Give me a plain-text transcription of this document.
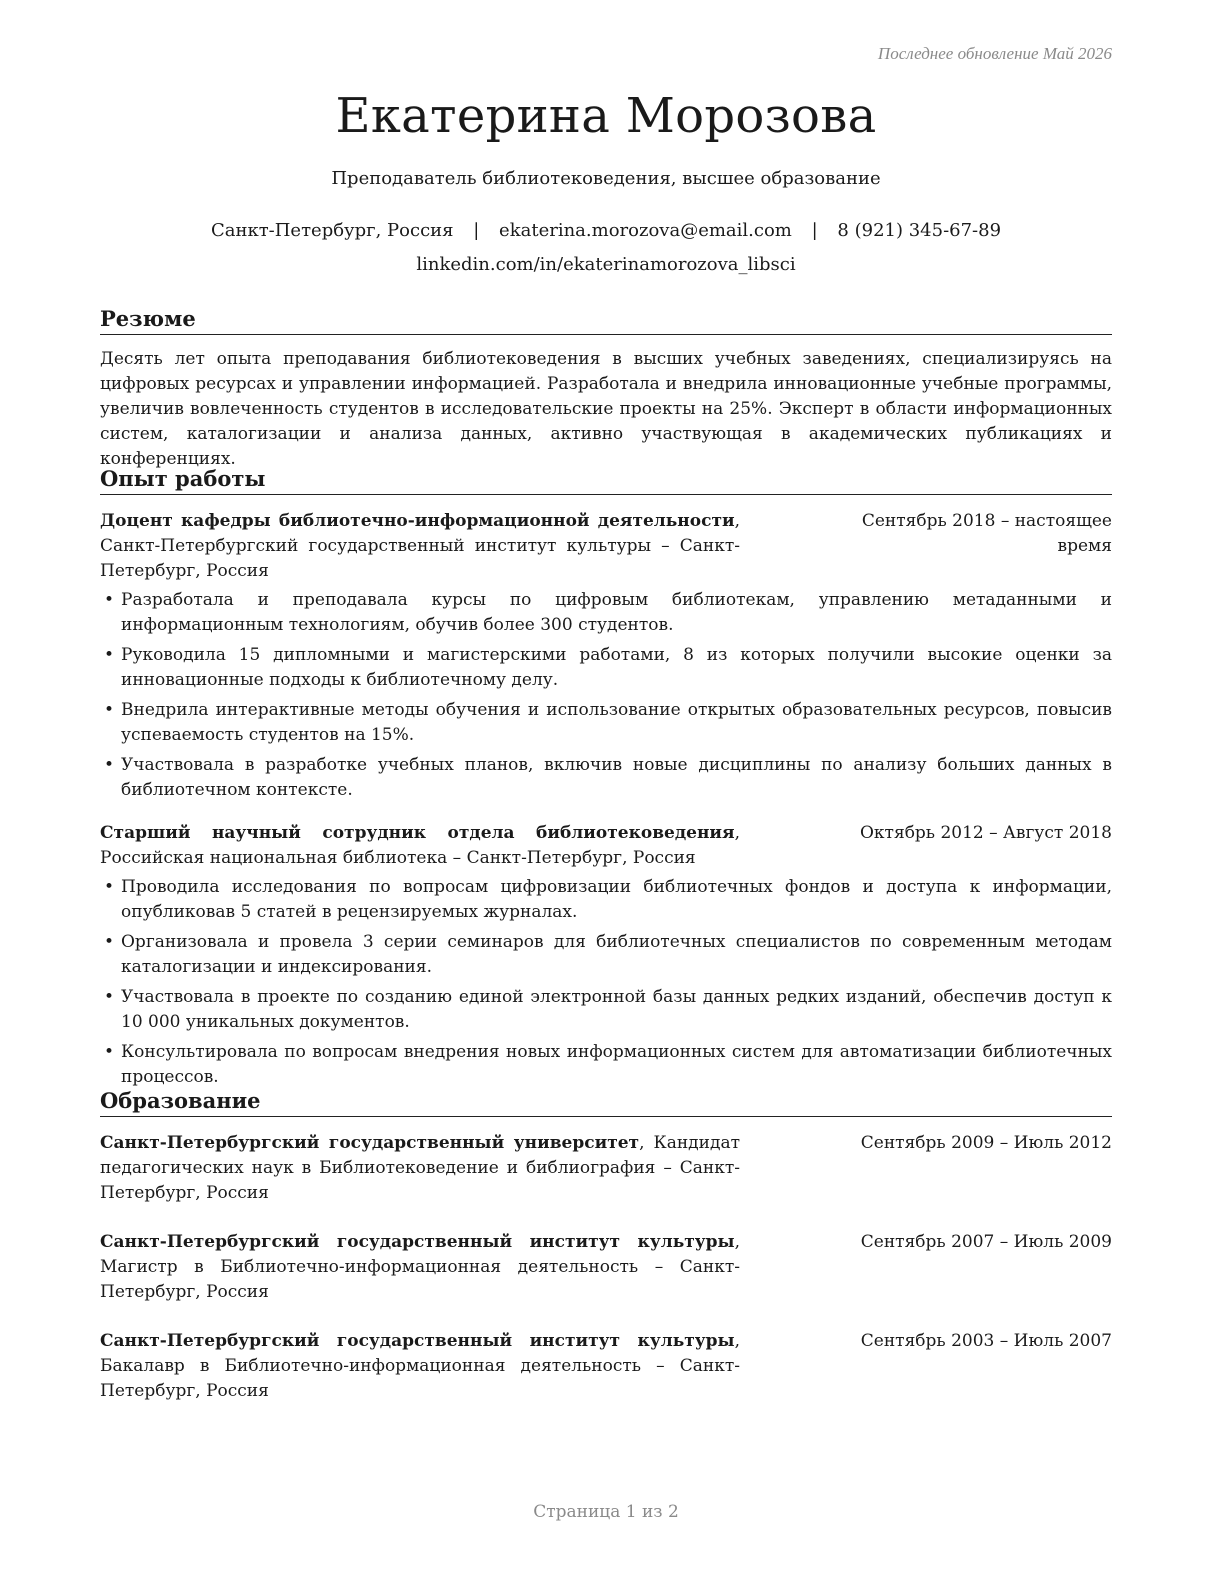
Последнее обновление Май 2026
Екатерина Морозова
Преподаватель библиотековедения, высшее образование
Санкт-Петербург, Россия | ekaterina.morozova@email.com | 8 (921) 345-67-89
linkedin.com/in/ekaterinamorozova_libsci
Резюме
Десять лет опыта преподавания библиотековедения в высших учебных заведениях, специализируясь на цифровых ресурсах и управлении информацией. Разработала и внедрила инновационные учебные программы, увеличив вовлеченность студентов в исследовательские проекты на 25%. Эксперт в области информационных систем, каталогизации и анализа данных, активно участвующая в академических публикациях и конференциях.
Опыт работы
Доцент кафедры библиотечно-информационной деятельности, Санкт-Петербургский государственный институт культуры – Санкт-Петербург, Россия
Сентябрь 2018 – настоящее время
• Разработала и преподавала курсы по цифровым библиотекам, управлению метаданными и информационным технологиям, обучив более 300 студентов.
• Руководила 15 дипломными и магистерскими работами, 8 из которых получили высокие оценки за инновационные подходы к библиотечному делу.
• Внедрила интерактивные методы обучения и использование открытых образовательных ресурсов, повысив успеваемость студентов на 15%.
• Участвовала в разработке учебных планов, включив новые дисциплины по анализу больших данных в библиотечном контексте.
Старший научный сотрудник отдела библиотековедения, Российская национальная библиотека – Санкт-Петербург, Россия
Октябрь 2012 – Август 2018
• Проводила исследования по вопросам цифровизации библиотечных фондов и доступа к информации, опубликовав 5 статей в рецензируемых журналах.
• Организовала и провела 3 серии семинаров для библиотечных специалистов по современным методам каталогизации и индексирования.
• Участвовала в проекте по созданию единой электронной базы данных редких изданий, обеспечив доступ к 10 000 уникальных документов.
• Консультировала по вопросам внедрения новых информационных систем для автоматизации библиотечных процессов.
Образование
Санкт-Петербургский государственный университет, Кандидат педагогических наук в Библиотековедение и библиография – Санкт-Петербург, Россия
Сентябрь 2009 – Июль 2012
Санкт-Петербургский государственный институт культуры, Магистр в Библиотечно-информационная деятельность – Санкт-Петербург, Россия
Сентябрь 2007 – Июль 2009
Санкт-Петербургский государственный институт культуры, Бакалавр в Библиотечно-информационная деятельность – Санкт-Петербург, Россия
Сентябрь 2003 – Июль 2007
Страница 1 из 2
